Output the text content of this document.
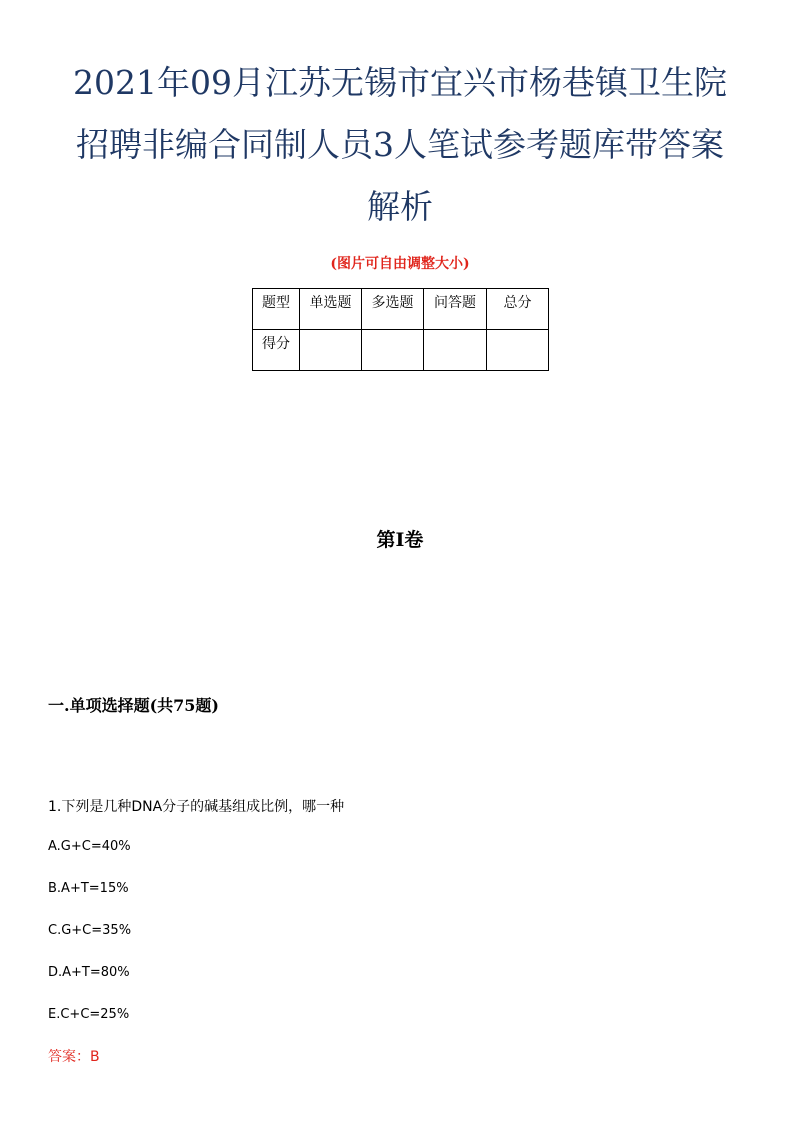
2021年09月江苏无锡市宜兴市杨巷镇卫生院
招聘非编合同制人员3人笔试参考题库带答案
解析
(图片可自由调整大小)
题型	单选题	多选题	问答题	总分
得分				
第I卷
一.单项选择题(共75题)
1.下列是几种DNA分子的碱基组成比例，哪一种
A.G+C=40%
B.A+T=15%
C.G+C=35%
D.A+T=80%
E.C+C=25%
答案：B
